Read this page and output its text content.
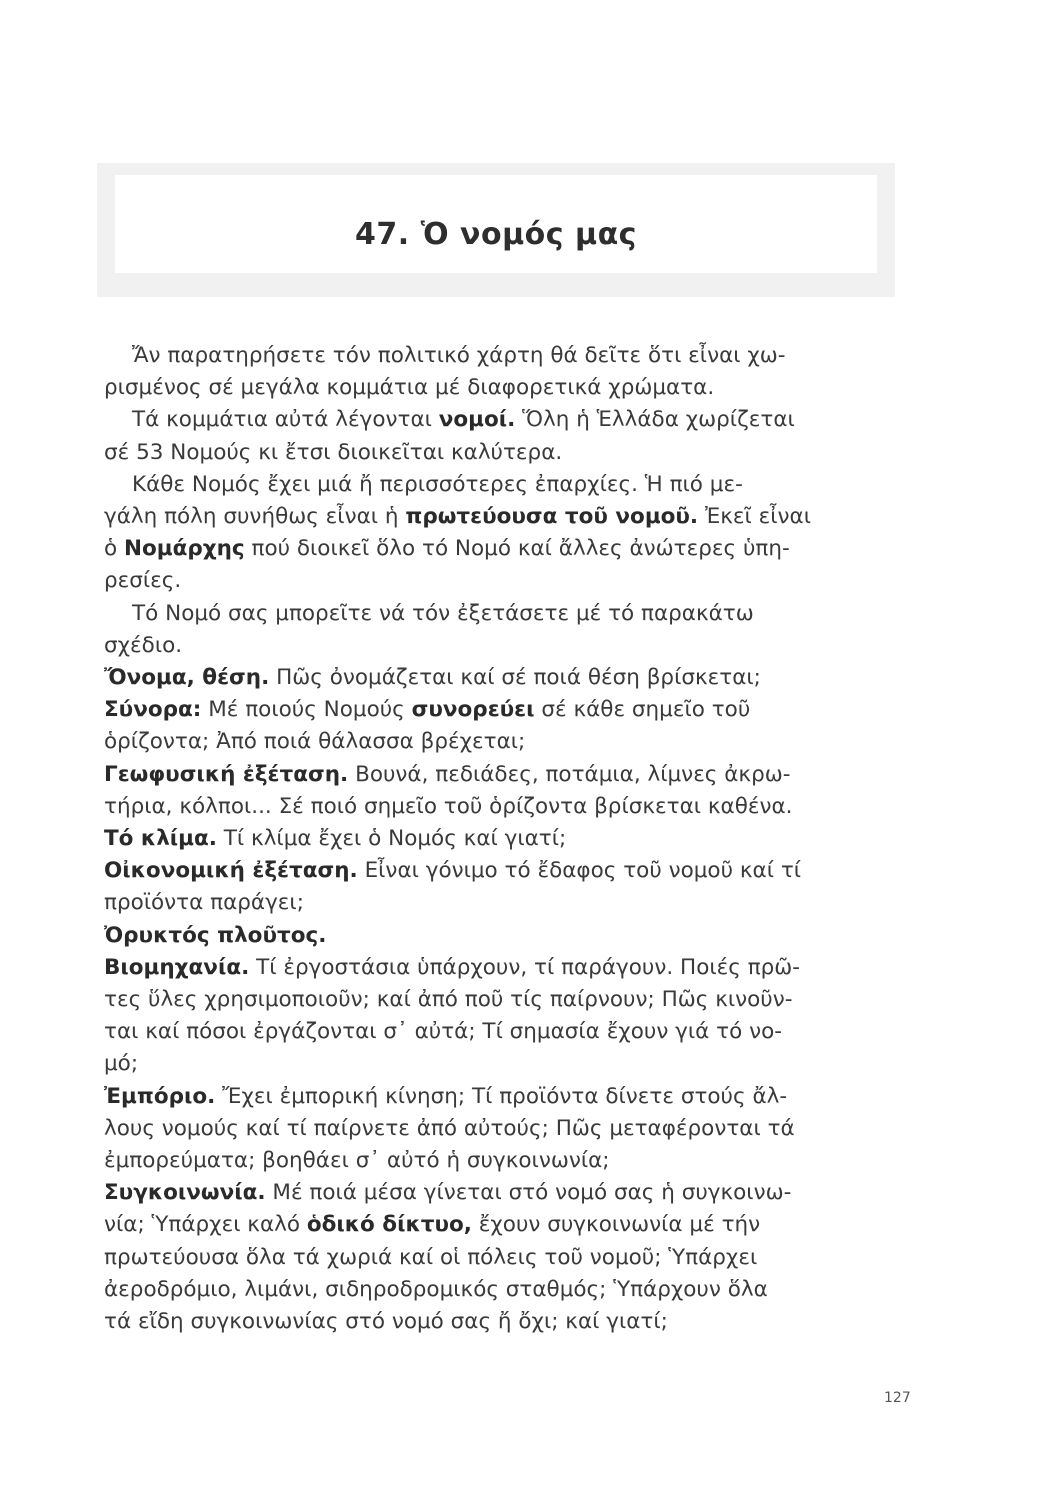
47. Ὁ νομός μας

Ἄν παρατηρήσετε τόν πολιτικό χάρτη θά δεῖτε ὅτι εἶναι χω-

ρισμένος σέ μεγάλα κομμάτια μέ διαφορετικά χρώματα.

Τά κομμάτια αὐτά λέγονται νομοί. Ὅλη ἡ Ἑλλάδα χωρίζεται

σέ 53 Νομούς κι ἔτσι διοικεῖται καλύτερα.

Κάθε Νομός ἔχει μιά ἤ περισσότερες ἐπαρχίες. Ἡ πιό με-

γάλη πόλη συνήθως εἶναι ἡ πρωτεύουσα τοῦ νομοῦ. Ἐκεῖ εἶναι

ὁ Νομάρχης πού διοικεῖ ὅλο τό Νομό καί ἄλλες ἀνώτερες ὑπη-

ρεσίες.

Τό Νομό σας μπορεῖτε νά τόν ἐξετάσετε μέ τό παρακάτω

σχέδιο.

Ὄνομα, θέση. Πῶς ὀνομάζεται καί σέ ποιά θέση βρίσκεται;

Σύνορα: Μέ ποιούς Νομούς συνορεύει σέ κάθε σημεῖο τοῦ

ὁρίζοντα; Ἀπό ποιά θάλασσα βρέχεται;

Γεωφυσική ἐξέταση. Βουνά, πεδιάδες, ποτάμια, λίμνες ἀκρω-

τήρια, κόλποι... Σέ ποιό σημεῖο τοῦ ὁρίζοντα βρίσκεται καθένα.

Τό κλίμα. Τί κλίμα ἔχει ὁ Νομός καί γιατί;

Οἰκονομική ἐξέταση. Εἶναι γόνιμο τό ἔδαφος τοῦ νομοῦ καί τί

προϊόντα παράγει;

Ὀρυκτός πλοῦτος.

Βιομηχανία. Τί ἐργοστάσια ὑπάρχουν, τί παράγουν. Ποιές πρῶ-

τες ὕλες χρησιμοποιοῦν; καί ἀπό ποῦ τίς παίρνουν; Πῶς κινοῦν-

ται καί πόσοι ἐργάζονται σ᾽ αὐτά; Τί σημασία ἔχουν γιά τό νο-

μό;

Ἐμπόριο. Ἔχει ἐμπορική κίνηση; Τί προϊόντα δίνετε στούς ἄλ-

λους νομούς καί τί παίρνετε ἀπό αὐτούς; Πῶς μεταφέρονται τά

ἐμπορεύματα; βοηθάει σ᾽ αὐτό ἡ συγκοινωνία;

Συγκοινωνία. Μέ ποιά μέσα γίνεται στό νομό σας ἡ συγκοινω-

νία; Ὑπάρχει καλό ὁδικό δίκτυο, ἔχουν συγκοινωνία μέ τήν

πρωτεύουσα ὅλα τά χωριά καί οἱ πόλεις τοῦ νομοῦ; Ὑπάρχει

ἀεροδρόμιο, λιμάνι, σιδηροδρομικός σταθμός; Ὑπάρχουν ὅλα

τά εἴδη συγκοινωνίας στό νομό σας ἤ ὄχι; καί γιατί;

127
